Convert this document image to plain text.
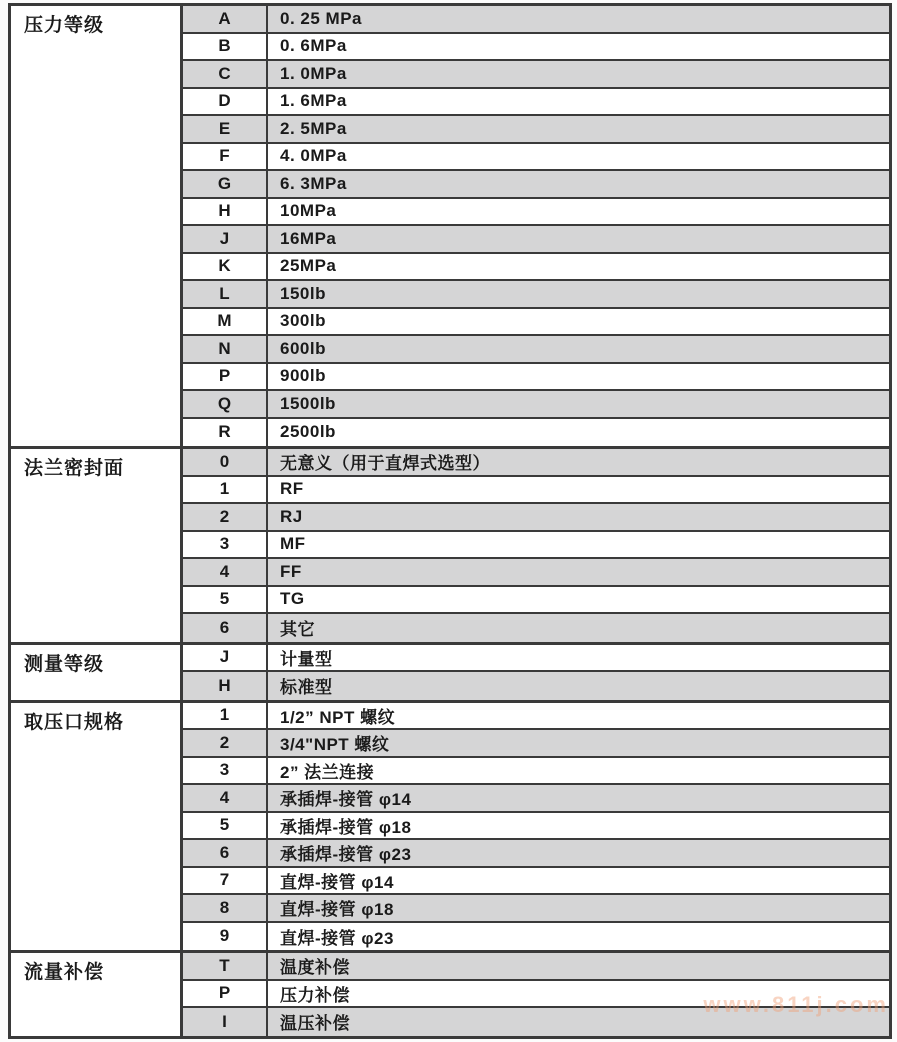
压力等级	A	0. 25 MPa
B	0. 6MPa
C	1. 0MPa
D	1. 6MPa
E	2. 5MPa
F	4. 0MPa
G	6. 3MPa
H	10MPa
J	16MPa
K	25MPa
L	150lb
M	300lb
N	600lb
P	900lb
Q	1500lb
R	2500lb
法兰密封面	0	无意义（用于直焊式选型）
1	RF
2	RJ
3	MF
4	FF
5	TG
6	其它
测量等级	J	计量型
H	标准型
取压口规格	1	1/2” NPT 螺纹
2	3/4"NPT 螺纹
3	2” 法兰连接
4	承插焊-接管 φ14
5	承插焊-接管 φ18
6	承插焊-接管 φ23
7	直焊-接管 φ14
8	直焊-接管 φ18
9	直焊-接管 φ23
流量补偿	T	温度补偿
P	压力补偿
I	温压补偿
www.811j.com
